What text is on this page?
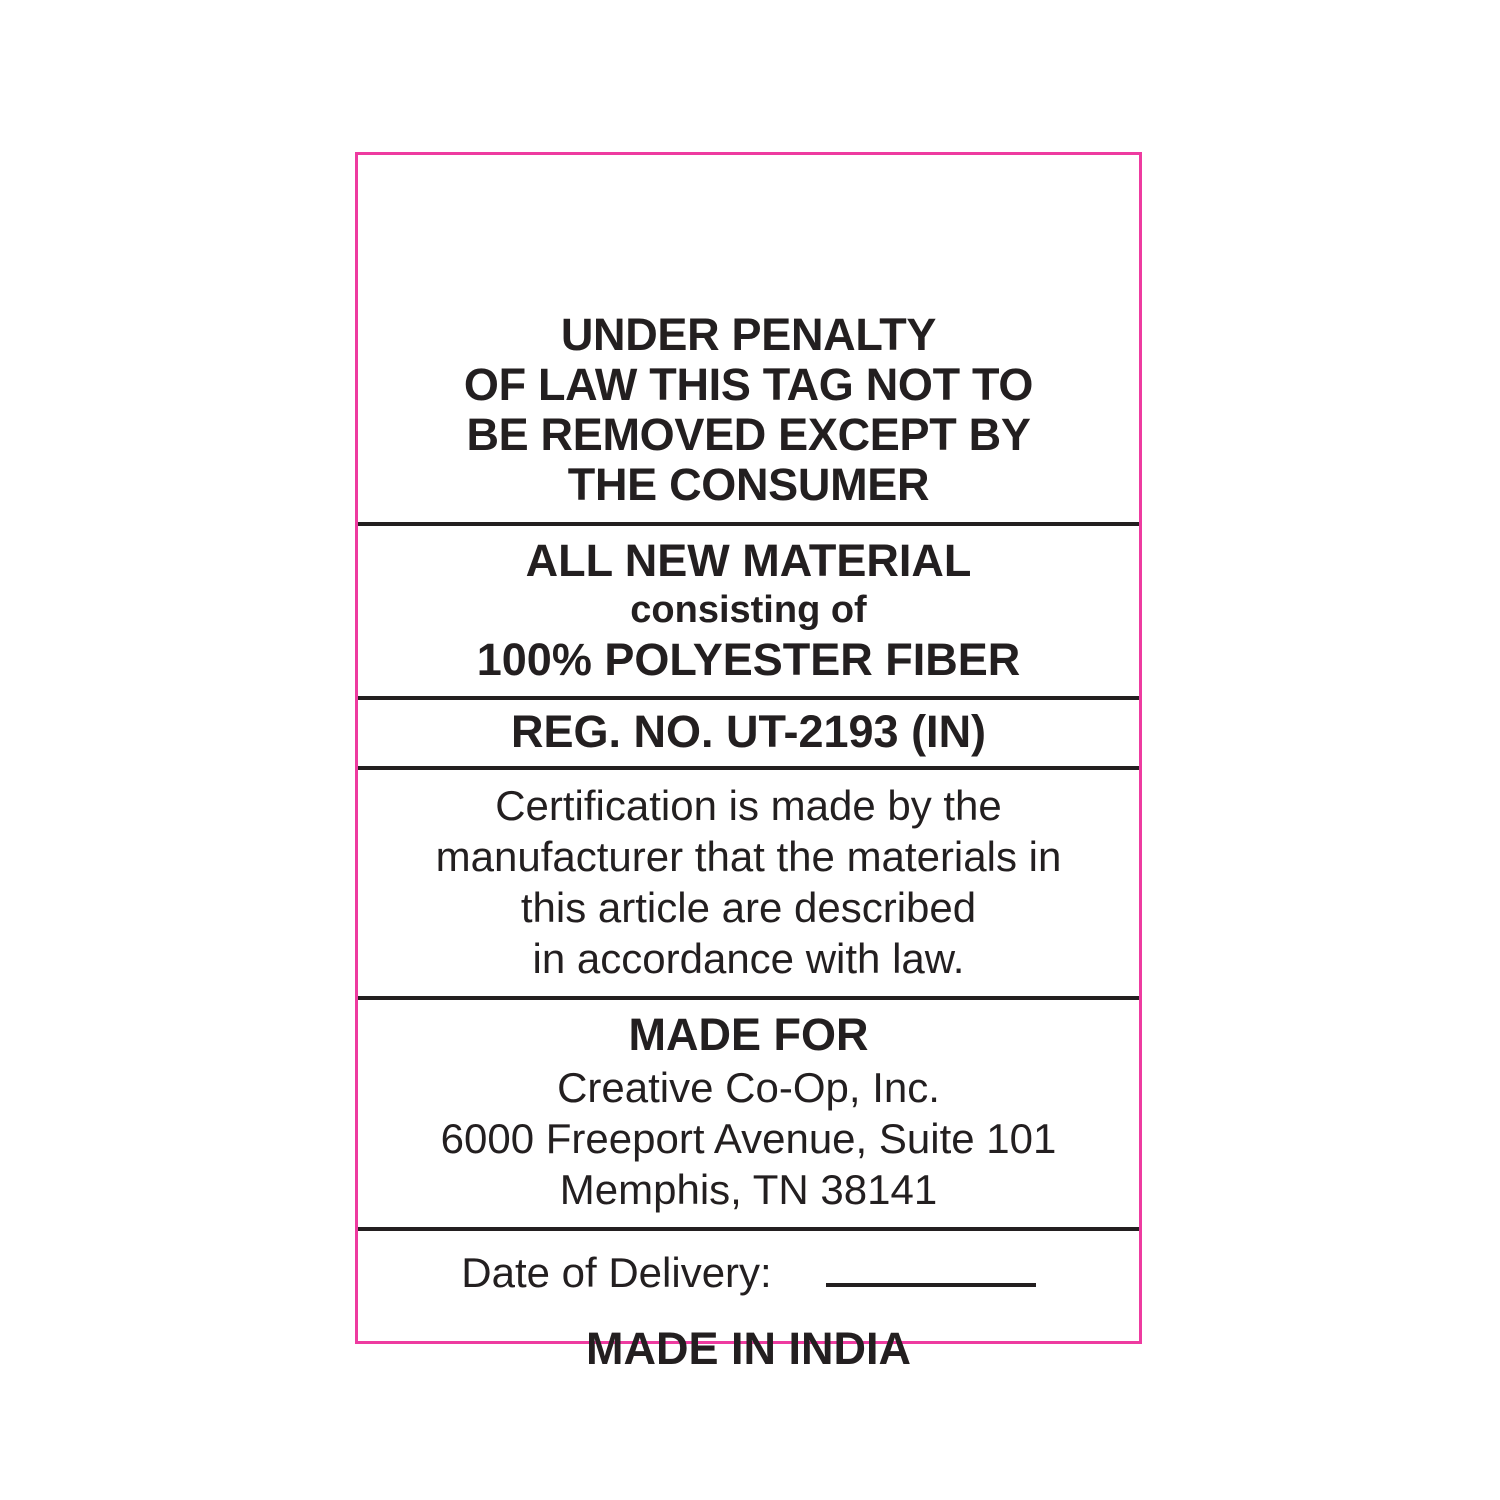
UNDER PENALTY
OF LAW THIS TAG NOT TO
BE REMOVED EXCEPT BY
THE CONSUMER
ALL NEW MATERIAL
consisting of
100% POLYESTER FIBER
REG. NO. UT-2193 (IN)
Certification is made by the
manufacturer that the materials in
this article are described
in accordance with law.
MADE FOR
Creative Co-Op, Inc.
6000 Freeport Avenue, Suite 101
Memphis, TN 38141
Date of Delivery:
MADE IN INDIA
